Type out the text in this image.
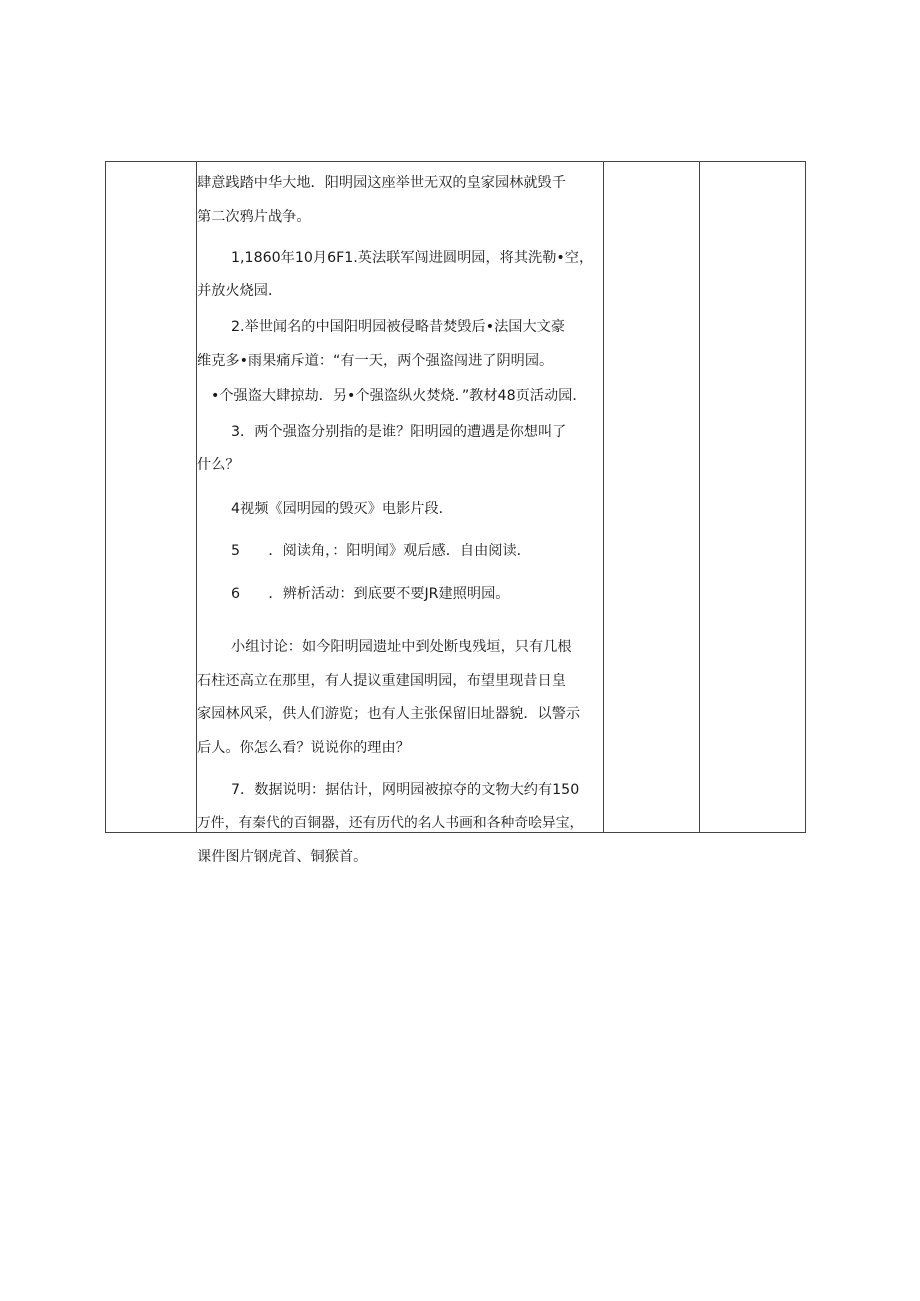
肆意践踏中华大地．阳明园这座举世无双的皇家园林就毁千
第二次鸦片战争。
1,1860年10月6F1.英法联军闯进圆明园，将其洗勒•空，
并放火烧园．
2.举世闻名的中国阳明园被侵略昔焚毁后•法国大文豪
维克多•雨果痛斥道：“有一天，两个强盗闯进了阴明园。
•个强盗大肆掠劫．另•个强盗纵火焚烧．”教材48页活动园．
3．两个强盗分别指的是谁？阳明园的遭遇是你想叫了
什么？
4视频《园明园的毁灭》电影片段．
5　　．阅读角，：阳明闻》观后感．自由阅读．
6　　．辨析活动：到底要不要JR建照明园。
小组讨论：如今阳明园遗址中到处断曳残垣，只有几根
石柱还高立在那里，有人提议重建国明园，布望里现昔日皇
家园林风采，供人们游览；也有人主张保留旧址器貌．以警示
后人。你怎么看？说说你的理由？
7．数据说明：据估计，网明园被掠夺的文物大约有150
万件，有秦代的百铜器，还有历代的名人书画和各种奇哙异宝，
课件图片钢虎首、铜猴首。
